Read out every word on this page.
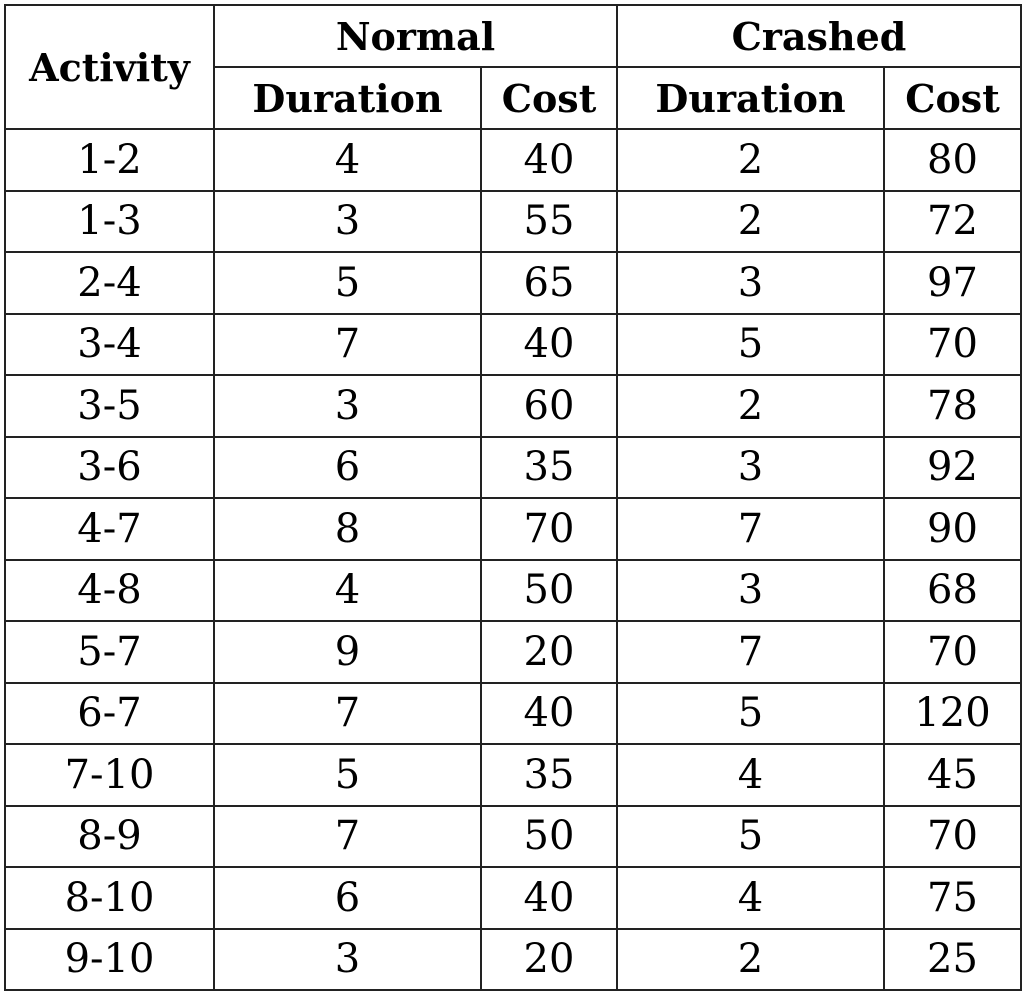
Activity	Normal		Crashed	
	Duration	Cost	Duration	Cost
1-2	4	40	2	80
1-3	3	55	2	72
2-4	5	65	3	97
3-4	7	40	5	70
3-5	3	60	2	78
3-6	6	35	3	92
4-7	8	70	7	90
4-8	4	50	3	68
5-7	9	20	7	70
6-7	7	40	5	120
7-10	5	35	4	45
8-9	7	50	5	70
8-10	6	40	4	75
9-10	3	20	2	25
